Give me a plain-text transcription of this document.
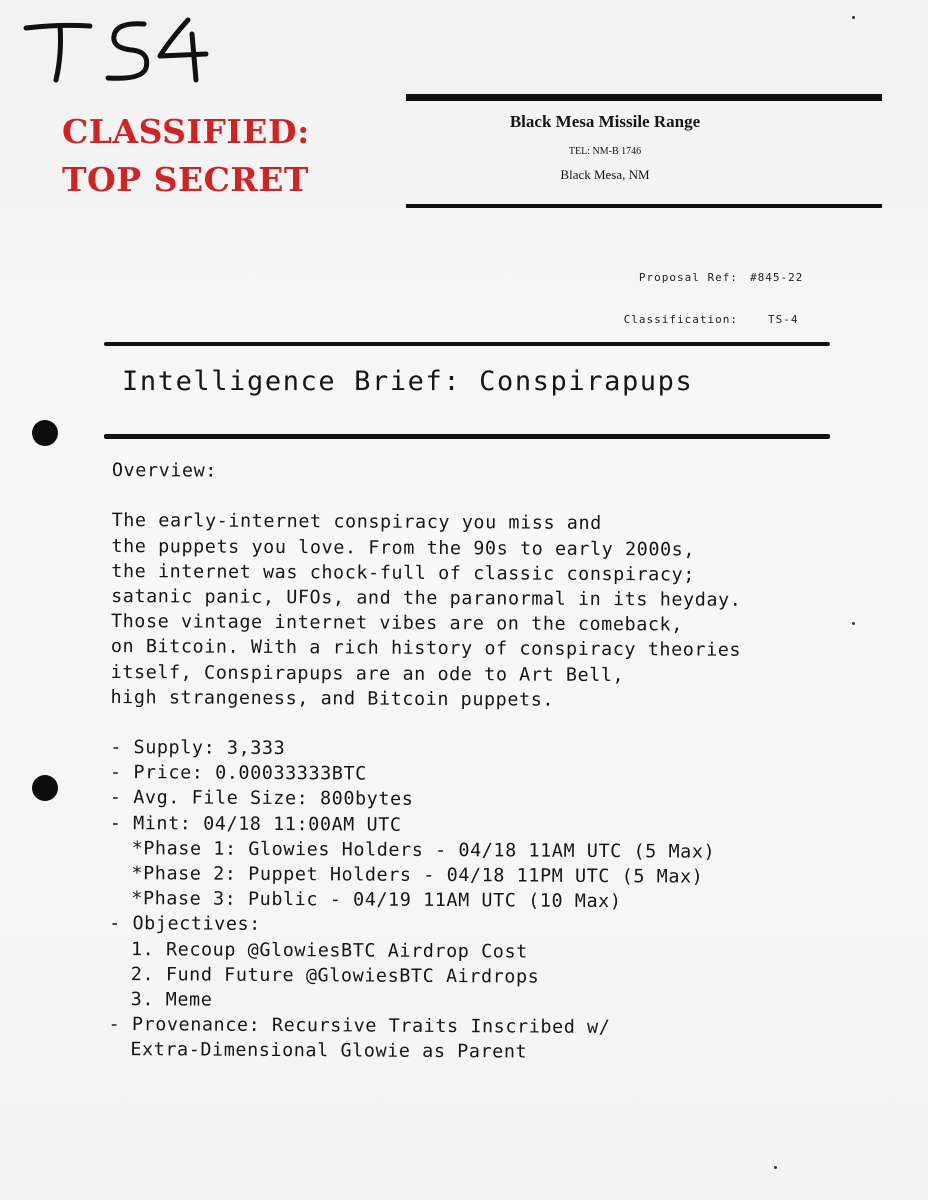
CLASSIFIED:
TOP SECRET
Black Mesa Missile Range
TEL: NM-B 1746
Black Mesa, NM

Proposal Ref: #845-22

Classification:	TS-4

Intelligence Brief: Conspirapups
Overview:
The early-internet conspiracy you miss and
the puppets you love. From the 90s to early 2000s,
the internet was chock-full of classic conspiracy;
satanic panic, UFOs, and the paranormal in its heyday.
Those vintage internet vibes are on the comeback,
on Bitcoin. With a rich history of conspiracy theories
itself, Conspirapups are an ode to Art Bell,
high strangeness, and Bitcoin puppets.
- Supply: 3,333
- Price: 0.00033333BTC
- Avg. File Size: 800bytes
- Mint: 04/18 11:00AM UTC
*Phase 1: Glowies Holders - 04/18 11AM UTC (5 Max)
*Phase 2: Puppet Holders - 04/18 11PM UTC (5 Max)
*Phase 3: Public - 04/19 11AM UTC (10 Max)
- Objectives:
1. Recoup @GlowiesBTC Airdrop Cost
2. Fund Future @GlowiesBTC Airdrops
3. Meme
- Provenance: Recursive Traits Inscribed w/
Extra-Dimensional Glowie as Parent
